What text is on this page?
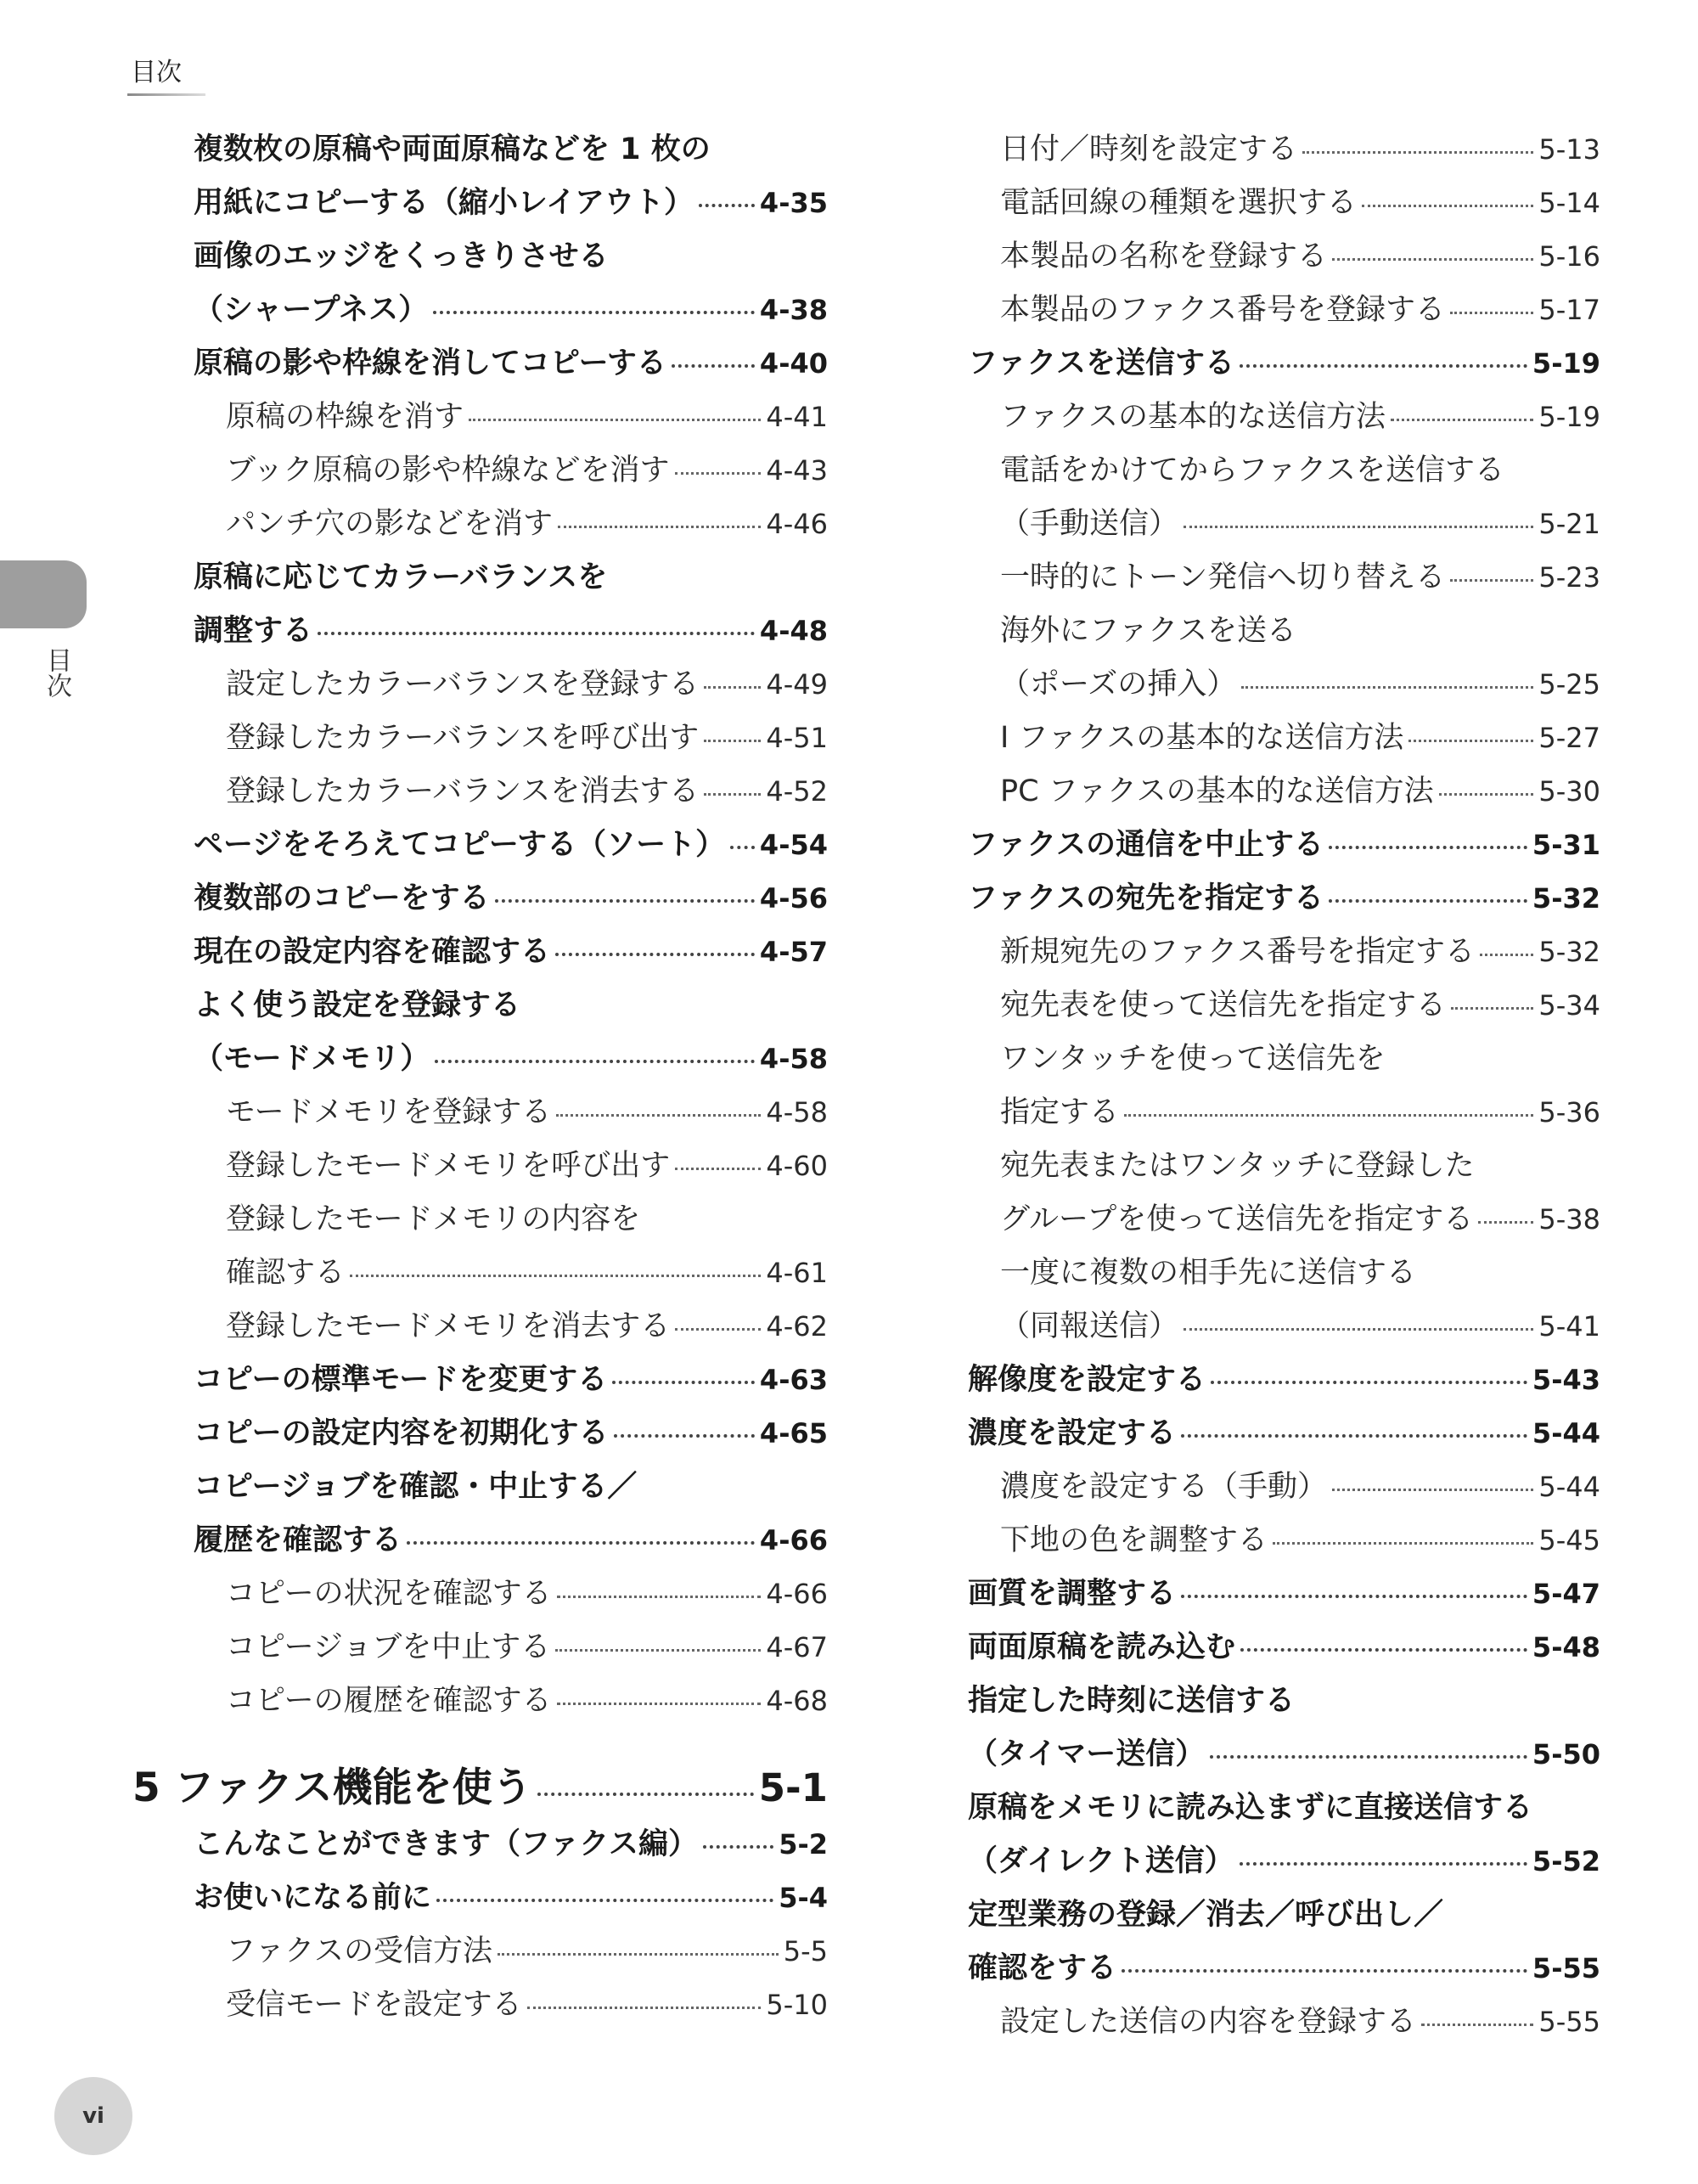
目次
目次
複数枚の原稿や両面原稿などを 1 枚の
用紙にコピーする（縮小レイアウト） 4-35
画像のエッジをくっきりさせる
（シャープネス）	4-38
原稿の影や枠線を消してコピーする	4-40
原稿の枠線を消す	4-41
ブック原稿の影や枠線などを消す	4-43
パンチ穴の影などを消す	4-46
原稿に応じてカラーバランスを
調整する	4-48
設定したカラーバランスを登録する 4-49
登録したカラーバランスを呼び出す 4-51
登録したカラーバランスを消去する 4-52
ページをそろえてコピーする（ソート） 4-54
複数部のコピーをする	4-56
現在の設定内容を確認する	4-57
よく使う設定を登録する
（モードメモリ）	4-58
モードメモリを登録する	4-58
登録したモードメモリを呼び出す	4-60
登録したモードメモリの内容を
確認する	4-61
登録したモードメモリを消去する	4-62
コピーの標準モードを変更する	4-63
コピーの設定内容を初期化する	4-65
コピージョブを確認・中止する／
履歴を確認する	4-66
コピーの状況を確認する	4-66
コピージョブを中止する	4-67
コピーの履歴を確認する	4-68
5 ファクス機能を使う	5-1
こんなことができます（ファクス編）	5-2
お使いになる前に	5-4
ファクスの受信方法	5-5
受信モードを設定する	5-10
日付／時刻を設定する	5-13
電話回線の種類を選択する	5-14
本製品の名称を登録する	5-16
本製品のファクス番号を登録する	5-17
ファクスを送信する	5-19
ファクスの基本的な送信方法	5-19
電話をかけてからファクスを送信する
（手動送信）	5-21
一時的にトーン発信へ切り替える	5-23
海外にファクスを送る
（ポーズの挿入）	5-25
I ファクスの基本的な送信方法	5-27
PC ファクスの基本的な送信方法	5-30
ファクスの通信を中止する	5-31
ファクスの宛先を指定する	5-32
新規宛先のファクス番号を指定する 5-32
宛先表を使って送信先を指定する	5-34
ワンタッチを使って送信先を
指定する	5-36
宛先表またはワンタッチに登録した
グループを使って送信先を指定する 5-38
一度に複数の相手先に送信する
（同報送信）	5-41
解像度を設定する	5-43
濃度を設定する	5-44
濃度を設定する（手動）	5-44
下地の色を調整する	5-45
画質を調整する	5-47
両面原稿を読み込む	5-48
指定した時刻に送信する
（タイマー送信）	5-50
原稿をメモリに読み込まずに直接送信する
（ダイレクト送信）	5-52
定型業務の登録／消去／呼び出し／
確認をする	5-55
設定した送信の内容を登録する	5-55
vi
